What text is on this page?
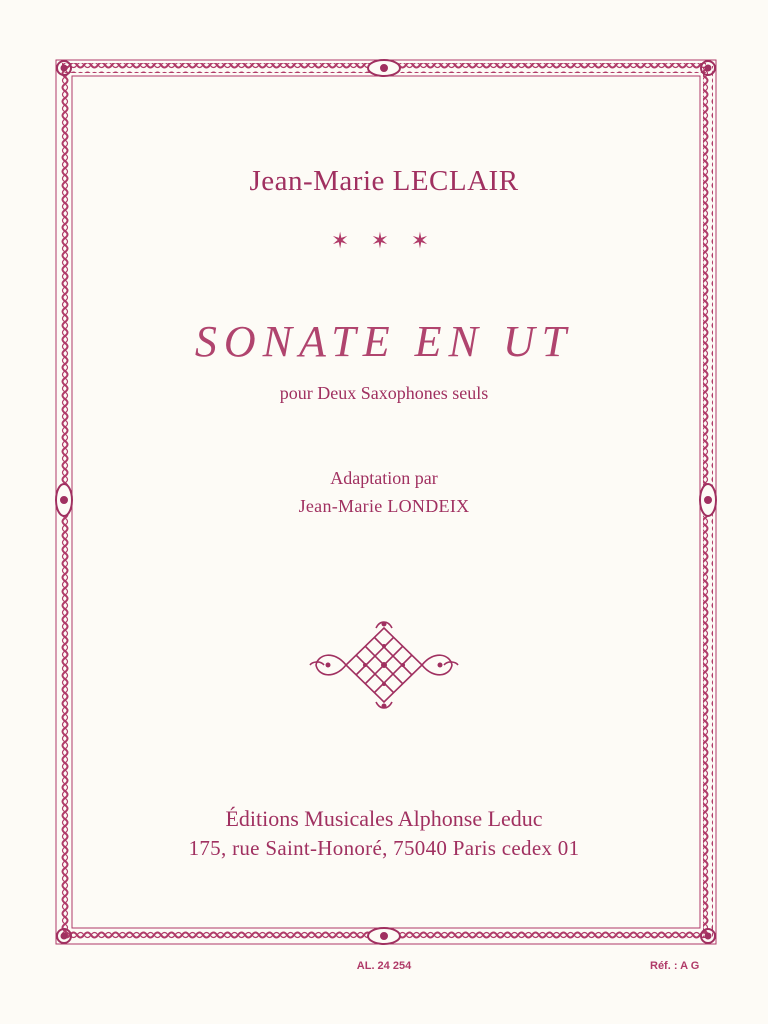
Jean-Marie LECLAIR
✶ ✶ ✶
SONATE EN UT
pour Deux Saxophones seuls
Adaptation par
Jean-Marie LONDEIX
Éditions Musicales Alphonse Leduc
175, rue Saint-Honoré, 75040 Paris cedex 01
AL. 24 254	Réf. : A G
